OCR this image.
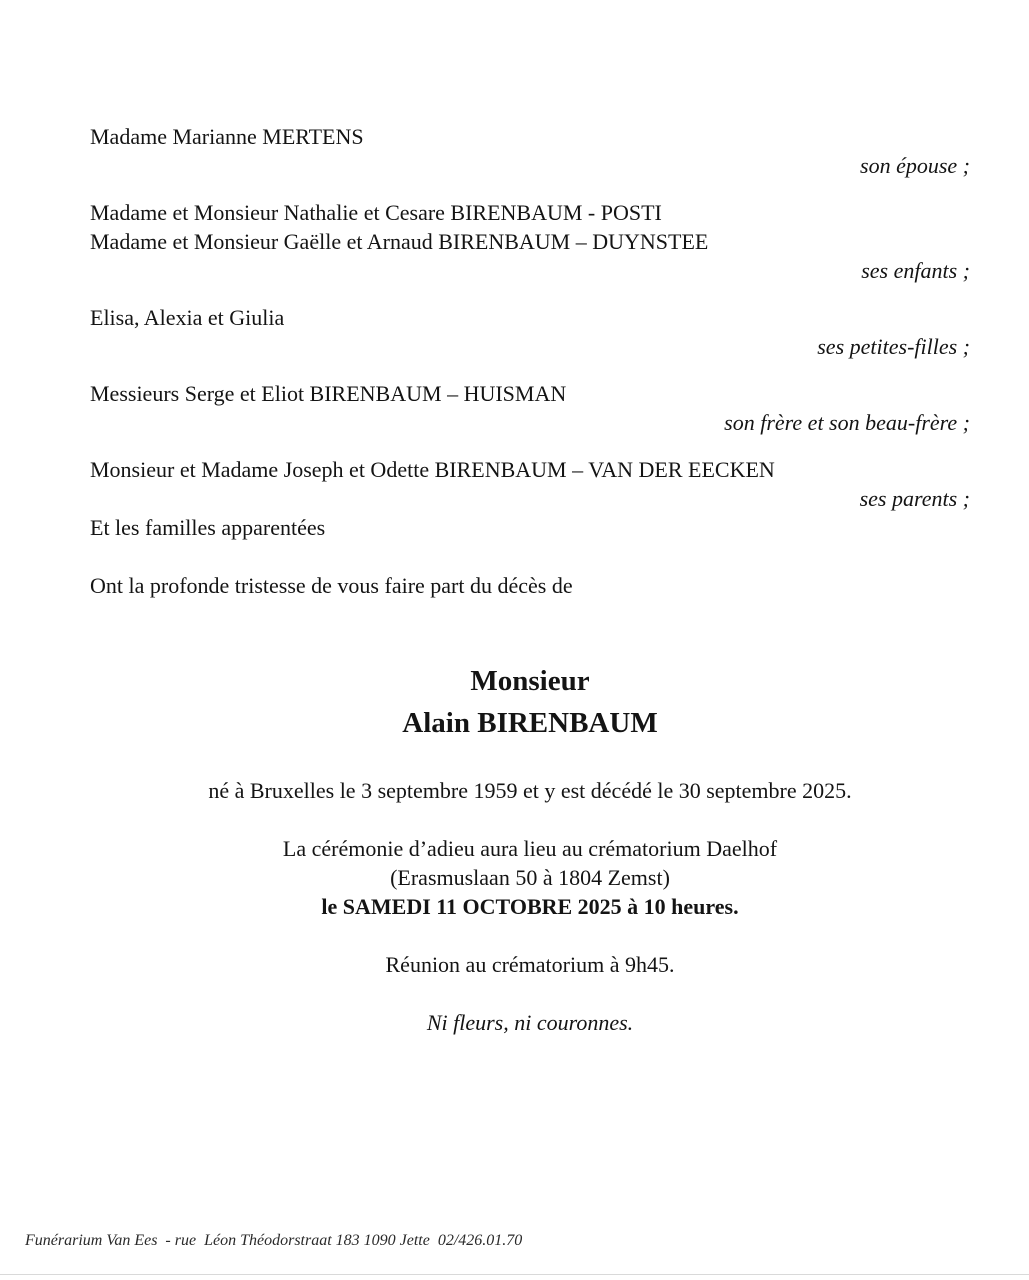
Madame Marianne MERTENS
son épouse ;
Madame et Monsieur Nathalie et Cesare BIRENBAUM - POSTI
Madame et Monsieur Gaëlle et Arnaud BIRENBAUM – DUYNSTEE
ses enfants ;
Elisa, Alexia et Giulia
ses petites-filles ;
Messieurs Serge et Eliot BIRENBAUM – HUISMAN
son frère et son beau-frère ;
Monsieur et Madame Joseph et Odette BIRENBAUM – VAN DER EECKEN
ses parents ;
Et les familles apparentées
Ont la profonde tristesse de vous faire part du décès de
Monsieur
Alain BIRENBAUM
né à Bruxelles le 3 septembre 1959 et y est décédé le 30 septembre 2025.
La cérémonie d’adieu aura lieu au crématorium Daelhof
(Erasmuslaan 50 à 1804 Zemst)
le SAMEDI 11 OCTOBRE 2025 à 10 heures.
Réunion au crématorium à 9h45.
Ni fleurs, ni couronnes.
Funérarium Van Ees  - rue  Léon Théodorstraat 183 1090 Jette  02/426.01.70
